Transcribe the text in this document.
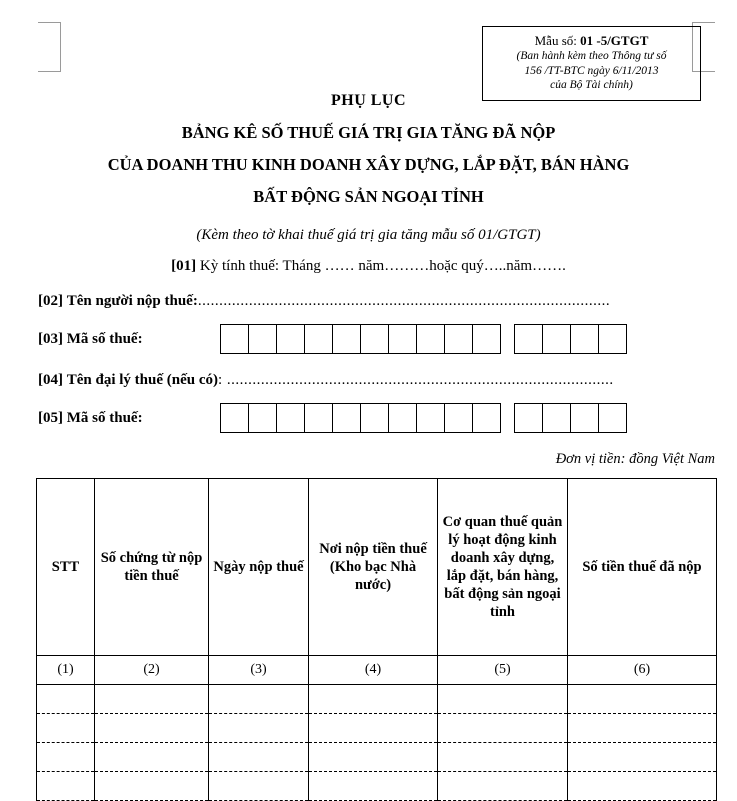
Mẫu số: 01 -5/GTGT
(Ban hành kèm theo Thông tư số
156 /TT-BTC ngày 6/11/2013
của Bộ Tài chính)
PHỤ LỤC
BẢNG KÊ SỐ THUẾ GIÁ TRỊ GIA TĂNG ĐÃ NỘP
CỦA DOANH THU KINH DOANH XÂY DỰNG, LẮP ĐẶT, BÁN HÀNG
BẤT ĐỘNG SẢN NGOẠI TỈNH
(Kèm theo tờ khai thuế giá trị gia tăng mẫu số 01/GTGT)
[01] Kỳ tính thuế: Tháng …… năm………hoặc quý…..năm…….
[02] Tên người nộp thuế:.................................................................................................
[03] Mã số thuế:
[04] Tên đại lý thuế (nếu có): ...........................................................................................
[05] Mã số thuế:
Đơn vị tiền: đồng Việt Nam
STT	Số chứng từ nộp tiền thuế	Ngày nộp thuế	Nơi nộp tiền thuế (Kho bạc Nhà nước)	Cơ quan thuế quản lý hoạt động kinh doanh xây dựng, lắp đặt, bán hàng, bất động sản ngoại tỉnh	Số tiền thuế đã nộp
(1)	(2)	(3)	(4)	(5)	(6)
